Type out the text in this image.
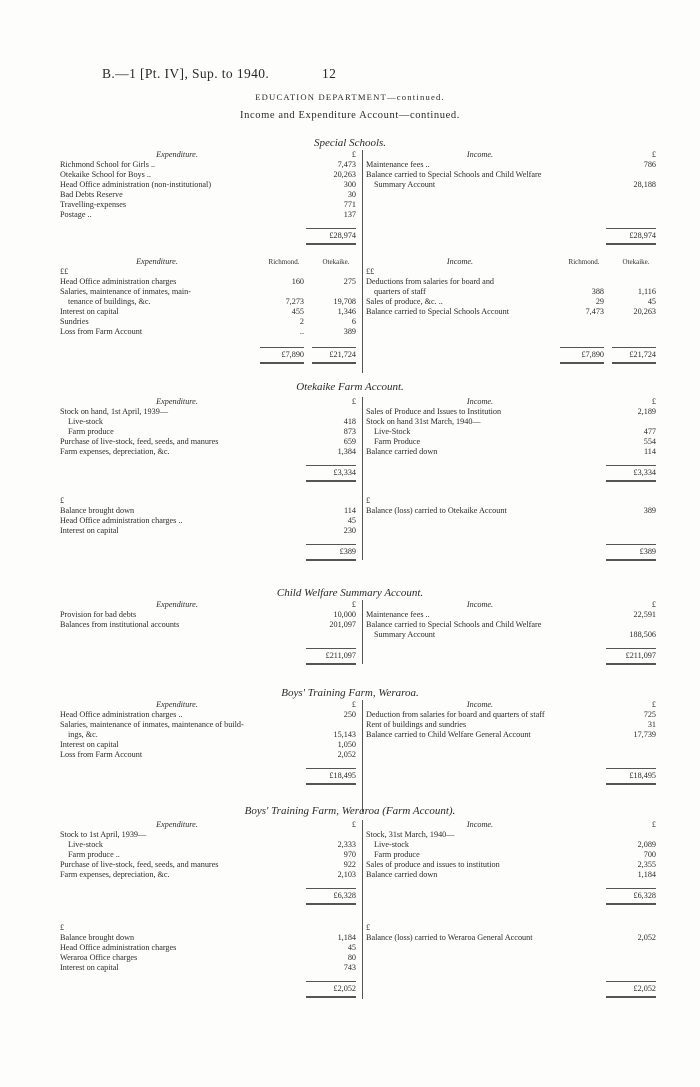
B.—1 [Pt. IV], Sup. to 1940.	12
EDUCATION DEPARTMENT—continued.
Income and Expenditure Account—continued.
Special Schools.
Expenditure.	£
Richmond School for Girls ..	7,473
Otekaike School for Boys ..	20,263
Head Office administration (non-institutional)	300
Bad Debts Reserve	30
Travelling-expenses	771
Postage ..	137
£28,974
Income.	£
Maintenance fees ..	786
Balance carried to Special Schools and Child Welfare
Summary Account	28,188
£28,974
Expenditure.	Richmond.	Otekaike.
££
Head Office administration charges	160	275
Salaries, maintenance of inmates, main-
tenance of buildings, &c.	7,273	19,708
Interest on capital	455	1,346
Sundries	2	6
Loss from Farm Account	..	389
£7,890	£21,724
Income.	Richmond.	Otekaike.
££
Deductions from salaries for board and
quarters of staff	388	1,116
Sales of produce, &c. ..	29	45
Balance carried to Special Schools Account	7,473	20,263
£7,890	£21,724
Otekaike Farm Account.
Expenditure.	£
Stock on hand, 1st April, 1939—
Live-stock	418
Farm produce	873
Purchase of live-stock, feed, seeds, and manures	659
Farm expenses, depreciation, &c.	1,384
£3,334
Income.	£
Sales of Produce and Issues to Institution	2,189
Stock on hand 31st March, 1940—
Live-Stock	477
Farm Produce	554
Balance carried down	114
£3,334
£
Balance brought down	114
Head Office administration charges ..	45
Interest on capital	230
£389
£
Balance (loss) carried to Otekaike Account	389
£389
Child Welfare Summary Account.
Expenditure.	£
Provision for bad debts	10,000
Balances from institutional accounts	201,097
£211,097
Income.	£
Maintenance fees ..	22,591
Balance carried to Special Schools and Child Welfare
Summary Account	188,506
£211,097
Boys' Training Farm, Weraroa.
Expenditure.	£
Head Office administration charges ..	250
Salaries, maintenance of inmates, maintenance of build-
ings, &c.	15,143
Interest on capital	1,050
Loss from Farm Account	2,052
£18,495
Income.	£
Deduction from salaries for board and quarters of staff	725
Rent of buildings and sundries	31
Balance carried to Child Welfare General Account	17,739
£18,495
Boys' Training Farm, Weraroa (Farm Account).
Expenditure.	£
Stock to 1st April, 1939—
Live-stock	2,333
Farm produce ..	970
Purchase of live-stock, feed, seeds, and manures	922
Farm expenses, depreciation, &c.	2,103
£6,328
Income.	£
Stock, 31st March, 1940—
Live-stock	2,089
Farm produce	700
Sales of produce and issues to institution	2,355
Balance carried down	1,184
£6,328
£
Balance brought down	1,184
Head Office administration charges	45
Weraroa Office charges	80
Interest on capital	743
£2,052
£
Balance (loss) carried to Weraroa General Account	2,052
£2,052
